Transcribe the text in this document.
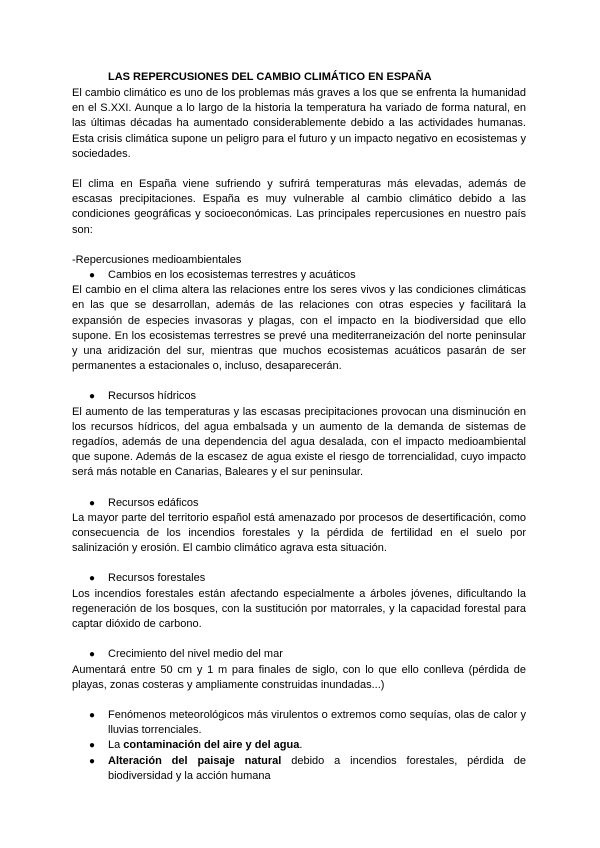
LAS REPERCUSIONES DEL CAMBIO CLIMÁTICO EN ESPAÑA

El cambio climático es uno de los problemas más graves a los que se enfrenta la humanidad en el S.XXI. Aunque a lo largo de la historia la temperatura ha variado de forma natural, en las últimas décadas ha aumentado considerablemente debido a las actividades humanas. Esta crisis climática supone un peligro para el futuro y un impacto negativo en ecosistemas y sociedades.

El clima en España viene sufriendo y sufrirá temperaturas más elevadas, además de escasas precipitaciones. España es muy vulnerable al cambio climático debido a las condiciones geográficas y socioeconómicas. Las principales repercusiones en nuestro país son:

-Repercusiones medioambientales
● Cambios en los ecosistemas terrestres y acuáticos

El cambio en el clima altera las relaciones entre los seres vivos y las condiciones climáticas en las que se desarrollan, además de las relaciones con otras especies y facilitará la expansión de especies invasoras y plagas, con el impacto en la biodiversidad que ello supone. En los ecosistemas terrestres se prevé una mediterraneización del norte peninsular y una aridización del sur, mientras que muchos ecosistemas acuáticos pasarán de ser permanentes a estacionales o, incluso, desaparecerán.

● Recursos hídricos

El aumento de las temperaturas y las escasas precipitaciones provocan una disminución en los recursos hídricos, del agua embalsada y un aumento de la demanda de sistemas de regadíos, además de una dependencia del agua desalada, con el impacto medioambiental que supone. Además de la escasez de agua existe el riesgo de torrencialidad, cuyo impacto será más notable en Canarias, Baleares y el sur peninsular.

● Recursos edáficos

La mayor parte del territorio español está amenazado por procesos de desertificación, como consecuencia de los incendios forestales y la pérdida de fertilidad en el suelo por salinización y erosión. El cambio climático agrava esta situación.

● Recursos forestales

Los incendios forestales están afectando especialmente a árboles jóvenes, dificultando la regeneración de los bosques, con la sustitución por matorrales, y la capacidad forestal para captar dióxido de carbono.

● Crecimiento del nivel medio del mar

Aumentará entre 50 cm y 1 m para finales de siglo, con lo que ello conlleva (pérdida de playas, zonas costeras y ampliamente construidas inundadas...)

● Fenómenos meteorológicos más virulentos o extremos como sequías, olas de calor y lluvias torrenciales.
● La contaminación del aire y del agua.
● Alteración del paisaje natural debido a incendios forestales, pérdida de biodiversidad y la acción humana
